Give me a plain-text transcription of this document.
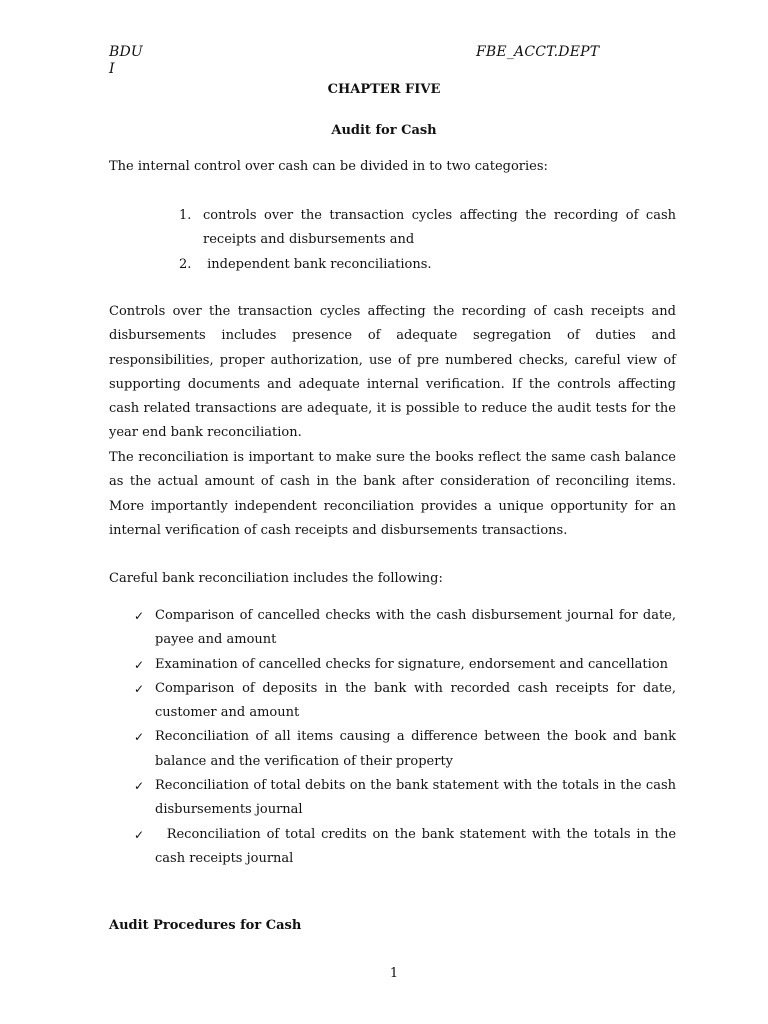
BDU
I
FBE_ACCT.DEPT
CHAPTER FIVE
Audit for Cash
The internal control over cash can be divided in to two categories:
1. controls over the transaction cycles affecting the recording of cash receipts and disbursements and
2. independent bank reconciliations.
Controls over the transaction cycles affecting the recording of cash receipts and disbursements includes presence of adequate segregation of duties and responsibilities, proper authorization, use of pre numbered checks, careful view of supporting documents and adequate internal verification. If the controls affecting cash related transactions are adequate, it is possible to reduce the audit tests for the year end bank reconciliation.
The reconciliation is important to make sure the books reflect the same cash balance as the actual amount of cash in the bank after consideration of reconciling items. More importantly independent reconciliation provides a unique opportunity for an internal verification of cash receipts and disbursements transactions.
Careful bank reconciliation includes the following:
✓ Comparison of cancelled checks with the cash disbursement journal for date, payee and amount
✓ Examination of cancelled checks for signature, endorsement and cancellation
✓ Comparison of deposits in the bank with recorded cash receipts for date, customer and amount
✓ Reconciliation of all items causing a difference between the book and bank balance and the verification of their property
✓ Reconciliation of total debits on the bank statement with the totals in the cash disbursements journal
✓ Reconciliation of total credits on the bank statement with the totals in the cash receipts journal
Audit Procedures for Cash
1
